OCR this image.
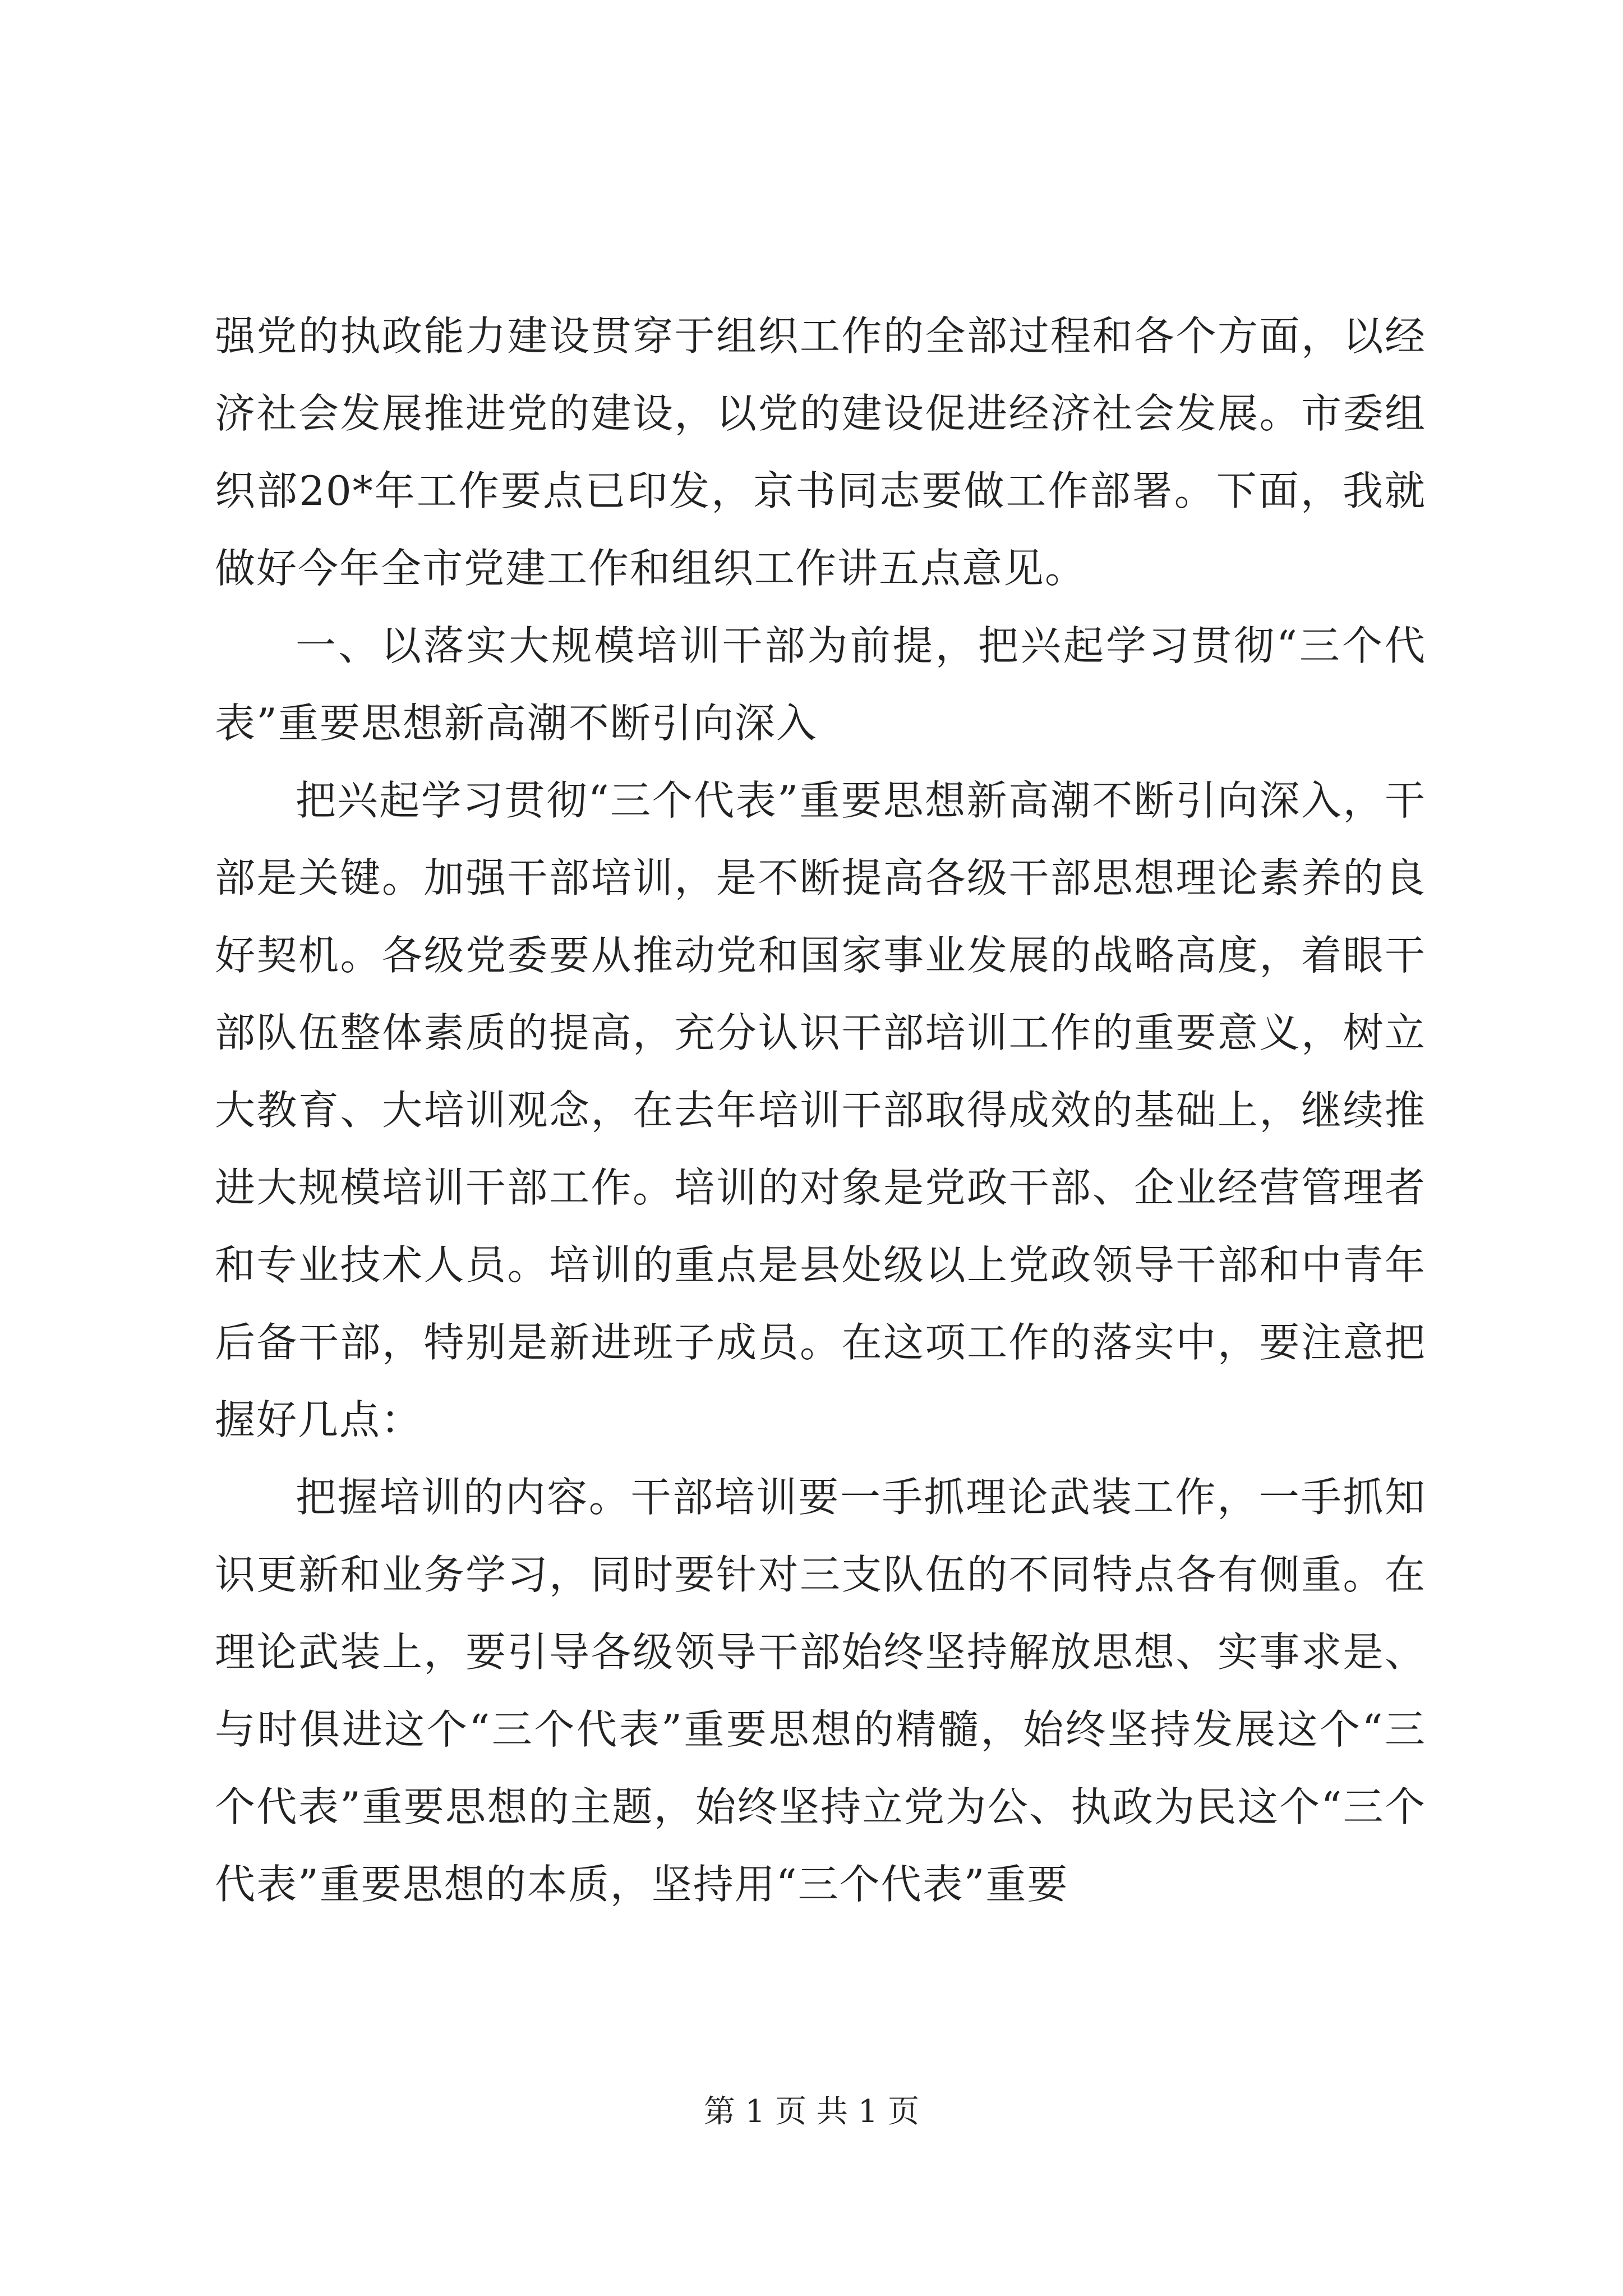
强党的执政能力建设贯穿于组织工作的全部过程和各个方面，以经济社会发展推进党的建设，以党的建设促进经济社会发展。市委组织部20*年工作要点已印发，京书同志要做工作部署。下面，我就做好今年全市党建工作和组织工作讲五点意见。

一、以落实大规模培训干部为前提，把兴起学习贯彻“三个代表”重要思想新高潮不断引向深入

把兴起学习贯彻“三个代表”重要思想新高潮不断引向深入，干部是关键。加强干部培训，是不断提高各级干部思想理论素养的良好契机。各级党委要从推动党和国家事业发展的战略高度，着眼干部队伍整体素质的提高，充分认识干部培训工作的重要意义，树立大教育、大培训观念，在去年培训干部取得成效的基础上，继续推进大规模培训干部工作。培训的对象是党政干部、企业经营管理者和专业技术人员。培训的重点是县处级以上党政领导干部和中青年后备干部，特别是新进班子成员。在这项工作的落实中，要注意把握好几点：

把握培训的内容。干部培训要一手抓理论武装工作，一手抓知识更新和业务学习，同时要针对三支队伍的不同特点各有侧重。在理论武装上，要引导各级领导干部始终坚持解放思想、实事求是、与时俱进这个“三个代表”重要思想的精髓，始终坚持发展这个“三个代表”重要思想的主题，始终坚持立党为公、执政为民这个“三个代表”重要思想的本质，坚持用“三个代表”重要

第 1 页 共 1 页
